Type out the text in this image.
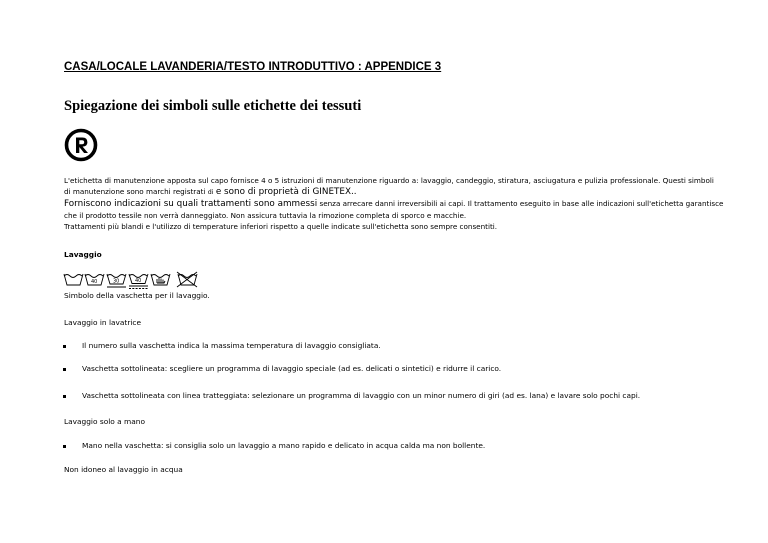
CASA/LOCALE LAVANDERIA/TESTO INTRODUTTIVO : APPENDICE 3
Spiegazione dei simboli sulle etichette dei tessuti
L'etichetta di manutenzione apposta sul capo fornisce 4 o 5 istruzioni di manutenzione riguardo a: lavaggio, candeggio, stiratura, asciugatura e pulizia professionale. Questi simboli
di manutenzione sono marchi registrati di e sono di proprietà di GINETEX..
Forniscono indicazioni su quali trattamenti sono ammessi senza arrecare danni irreversibili ai capi. Il trattamento eseguito in base alle indicazioni sull'etichetta garantisce
che il prodotto tessile non verrà danneggiato. Non assicura tuttavia la rimozione completa di sporco e macchie.
Trattamenti più blandi e l'utilizzo di temperature inferiori rispetto a quelle indicate sull'etichetta sono sempre consentiti.
Lavaggio
40	30	40
Simbolo della vaschetta per il lavaggio.
Lavaggio in lavatrice
Il numero sulla vaschetta indica la massima temperatura di lavaggio consigliata.
Vaschetta sottolineata: scegliere un programma di lavaggio speciale (ad es. delicati o sintetici) e ridurre il carico.
Vaschetta sottolineata con linea tratteggiata: selezionare un programma di lavaggio con un minor numero di giri (ad es. lana) e lavare solo pochi capi.
Lavaggio solo a mano
Mano nella vaschetta: si consiglia solo un lavaggio a mano rapido e delicato in acqua calda ma non bollente.
Non idoneo al lavaggio in acqua
